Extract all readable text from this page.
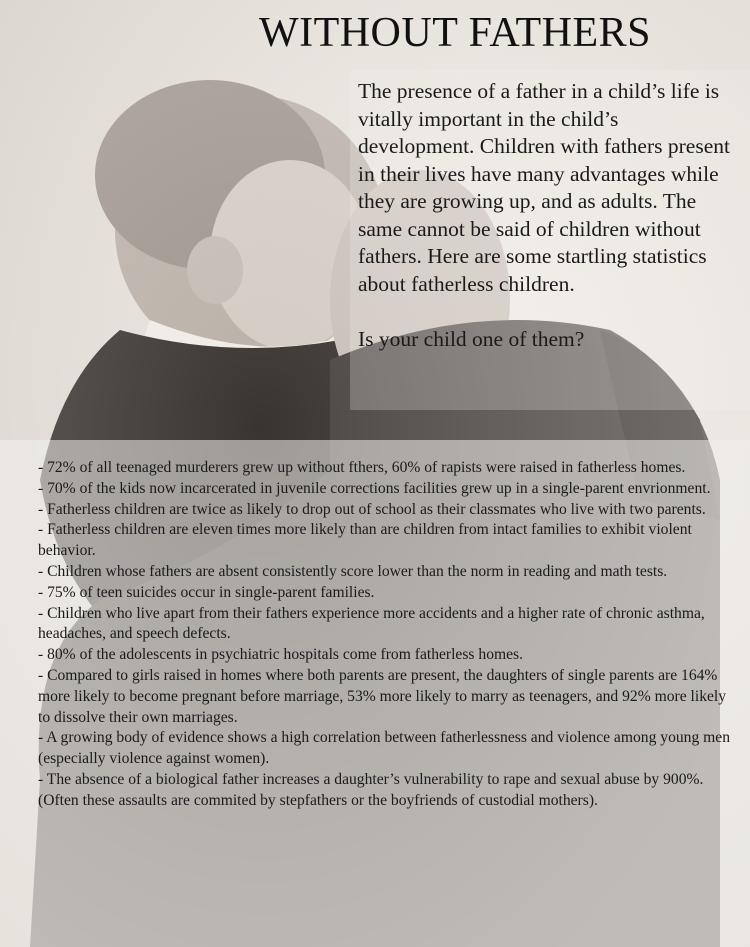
WITHOUT FATHERS

The presence of a father in a child’s life is vitally important in the child’s development. Children with fathers present in their lives have many advantages while they are growing up, and as adults. The same cannot be said of children without fathers. Here are some startling statistics about fatherless children.

Is your child one of them?

- 72% of all teenaged murderers grew up without fthers, 60% of rapists were raised in fatherless homes.
- 70% of the kids now incarcerated in juvenile corrections facilities grew up in a single-parent envrionment.
- Fatherless children are twice as likely to drop out of school as their classmates who live with two parents.
- Fatherless children are eleven times more likely than are children from intact families to exhibit violent behavior.
- Children whose fathers are absent consistently score lower than the norm in reading and math tests.
- 75% of teen suicides occur in single-parent families.
- Children who live apart from their fathers experience more accidents and a higher rate of chronic asthma, headaches, and speech defects.
- 80% of the adolescents in psychiatric hospitals come from fatherless homes.
- Compared to girls raised in homes where both parents are present, the daughters of single parents are 164% more likely to become pregnant before marriage, 53% more likely to marry as teenagers, and 92% more likely to dissolve their own marriages.
- A growing body of evidence shows a high correlation between fatherlessness and violence among young men (especially violence against women).
- The absence of a biological father increases a daughter’s vulnerability to rape and sexual abuse by 900%. (Often these assaults are commited by stepfathers or the boyfriends of custodial mothers).
